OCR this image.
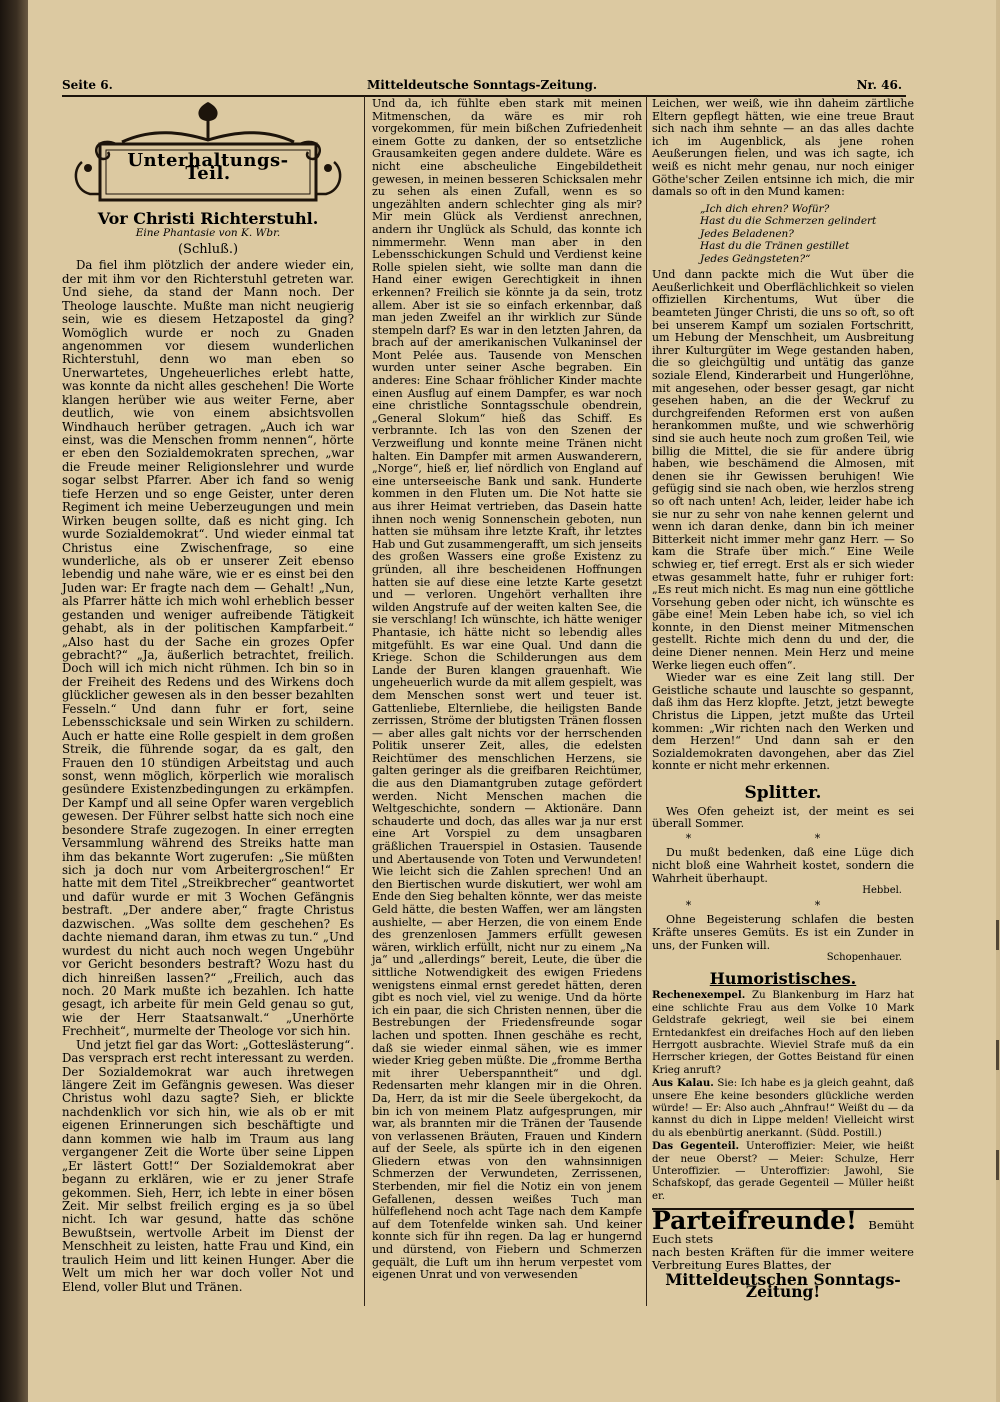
Seite 6.	Mitteldeutsche Sonntags-Zeitung.	Nr. 46.
Unterhaltungs-Teil.
Vor Christi Richterstuhl.
Eine Phantasie von K. Wbr.
(Schluß.)

Da fiel ihm plötzlich der andere wieder ein, der mit ihm vor den Richterstuhl getreten war. Und siehe, da stand der Mann noch. Der Theologe lauschte. Mußte man nicht neugierig sein, wie es diesem Hetzapostel da ging? Womöglich wurde er noch zu Gnaden angenommen vor diesem wunderlichen Richterstuhl, denn wo man eben so Unerwartetes, Ungeheuerliches erlebt hatte, was konnte da nicht alles geschehen! Die Worte klangen herüber wie aus weiter Ferne, aber deutlich, wie von einem absichtsvollen Windhauch herüber getragen. „Auch ich war einst, was die Menschen fromm nennen“, hörte er eben den Sozialdemokraten sprechen, „war die Freude meiner Religionslehrer und wurde sogar selbst Pfarrer. Aber ich fand so wenig tiefe Herzen und so enge Geister, unter deren Regiment ich meine Ueberzeugungen und mein Wirken beugen sollte, daß es nicht ging. Ich wurde Sozialdemokrat“. Und wieder einmal tat Christus eine Zwischenfrage, so eine wunderliche, als ob er unserer Zeit ebenso lebendig und nahe wäre, wie er es einst bei den Juden war: Er fragte nach dem — Gehalt! „Nun, als Pfarrer hätte ich mich wohl erheblich besser gestanden und weniger aufreibende Tätigkeit gehabt, als in der politischen Kampfarbeit.“ „Also hast du der Sache ein grozes Opfer gebracht?“ „Ja, äußerlich betrachtet, freilich. Doch will ich mich nicht rühmen. Ich bin so in der Freiheit des Redens und des Wirkens doch glücklicher gewesen als in den besser bezahlten Fesseln.“ Und dann fuhr er fort, seine Lebensschicksale und sein Wirken zu schildern. Auch er hatte eine Rolle gespielt in dem großen Streik, die führende sogar, da es galt, den Frauen den 10 stündigen Arbeitstag und auch sonst, wenn möglich, körperlich wie moralisch gesündere Existenzbedingungen zu erkämpfen. Der Kampf und all seine Opfer waren vergeblich gewesen. Der Führer selbst hatte sich noch eine besondere Strafe zugezogen. In einer erregten Versammlung während des Streiks hatte man ihm das bekannte Wort zugerufen: „Sie müßten sich ja doch nur vom Arbeitergroschen!“ Er hatte mit dem Titel „Streikbrecher“ geantwortet und dafür wurde er mit 3 Wochen Gefängnis bestraft. „Der andere aber,“ fragte Christus dazwischen. „Was sollte dem geschehen? Es dachte niemand daran, ihm etwas zu tun.“ „Und wurdest du nicht auch noch wegen Ungebühr vor Gericht besonders bestraft? Wozu hast du dich hinreißen lassen?“ „Freilich, auch das noch. 20 Mark mußte ich bezahlen. Ich hatte gesagt, ich arbeite für mein Geld genau so gut, wie der Herr Staatsanwalt.“ „Unerhörte Frechheit“, murmelte der Theologe vor sich hin.

Und jetzt fiel gar das Wort: „Gotteslästerung“. Das versprach erst recht interessant zu werden. Der Sozialdemokrat war auch ihretwegen längere Zeit im Gefängnis gewesen. Was dieser Christus wohl dazu sagte? Sieh, er blickte nachdenklich vor sich hin, wie als ob er mit eigenen Erinnerungen sich beschäftigte und dann kommen wie halb im Traum aus lang vergangener Zeit die Worte über seine Lippen „Er lästert Gott!“ Der Sozialdemokrat aber begann zu erklären, wie er zu jener Strafe gekommen. Sieh, Herr, ich lebte in einer bösen Zeit. Mir selbst freilich erging es ja so übel nicht. Ich war gesund, hatte das schöne Bewußtsein, wertvolle Arbeit im Dienst der Menschheit zu leisten, hatte Frau und Kind, ein traulich Heim und litt keinen Hunger. Aber die Welt um mich her war doch voller Not und Elend, voller Blut und Tränen.

Und da, ich fühlte eben stark mit meinen Mitmenschen, da wäre es mir roh vorgekommen, für mein bißchen Zufriedenheit einem Gotte zu danken, der so entsetzliche Grausamkeiten gegen andere duldete. Wäre es nicht eine abscheuliche Eingebildetheit gewesen, in meinen besseren Schicksalen mehr zu sehen als einen Zufall, wenn es so ungezählten andern schlechter ging als mir? Mir mein Glück als Verdienst anrechnen, andern ihr Unglück als Schuld, das konnte ich nimmermehr. Wenn man aber in den Lebensschickungen Schuld und Verdienst keine Rolle spielen sieht, wie sollte man dann die Hand einer ewigen Gerechtigkeit in ihnen erkennen? Freilich sie könnte ja da sein, trotz allem. Aber ist sie so einfach erkennbar, daß man jeden Zweifel an ihr wirklich zur Sünde stempeln darf? Es war in den letzten Jahren, da brach auf der amerikanischen Vulkaninsel der Mont Pelée aus. Tausende von Menschen wurden unter seiner Asche begraben. Ein anderes: Eine Schaar fröhlicher Kinder machte einen Ausflug auf einem Dampfer, es war noch eine christliche Sonntagsschule obendrein, „General Slokum“ hieß das Schiff. Es verbrannte. Ich las von den Szenen der Verzweiflung und konnte meine Tränen nicht halten. Ein Dampfer mit armen Auswanderern, „Norge“, hieß er, lief nördlich von England auf eine unterseeische Bank und sank. Hunderte kommen in den Fluten um. Die Not hatte sie aus ihrer Heimat vertrieben, das Dasein hatte ihnen noch wenig Sonnenschein geboten, nun hatten sie mühsam ihre letzte Kraft, ihr letztes Hab und Gut zusammengerafft, um sich jenseits des großen Wassers eine große Existenz zu gründen, all ihre bescheidenen Hoffnungen hatten sie auf diese eine letzte Karte gesetzt und — verloren. Ungehört verhallten ihre wilden Angstrufe auf der weiten kalten See, die sie verschlang! Ich wünschte, ich hätte weniger Phantasie, ich hätte nicht so lebendig alles mitgefühlt. Es war eine Qual. Und dann die Kriege. Schon die Schilderungen aus dem Lande der Buren klangen grauenhaft. Wie ungeheuerlich wurde da mit allem gespielt, was dem Menschen sonst wert und teuer ist. Gattenliebe, Elternliebe, die heiligsten Bande zerrissen, Ströme der blutigsten Tränen flossen — aber alles galt nichts vor der herrschenden Politik unserer Zeit, alles, die edelsten Reichtümer des menschlichen Herzens, sie galten geringer als die greifbaren Reichtümer, die aus den Diamantgruben zutage gefördert werden. Nicht Menschen machen die Weltgeschichte, sondern — Aktionäre. Dann schauderte und doch, das alles war ja nur erst eine Art Vorspiel zu dem unsagbaren gräßlichen Trauerspiel in Ostasien. Tausende und Abertausende von Toten und Verwundeten! Wie leicht sich die Zahlen sprechen! Und an den Biertischen wurde diskutiert, wer wohl am Ende den Sieg behalten könnte, wer das meiste Geld hätte, die besten Waffen, wer am längsten aushielte, — aber Herzen, die von einem Ende des grenzenlosen Jammers erfüllt gewesen wären, wirklich erfüllt, nicht nur zu einem „Na ja“ und „allerdings“ bereit, Leute, die über die sittliche Notwendigkeit des ewigen Friedens wenigstens einmal ernst geredet hätten, deren gibt es noch viel, viel zu wenige. Und da hörte ich ein paar, die sich Christen nennen, über die Bestrebungen der Friedensfreunde sogar lachen und spotten. Ihnen geschähe es recht, daß sie wieder einmal sähen, wie es immer wieder Krieg geben müßte. Die „fromme Bertha mit ihrer Ueberspanntheit“ und dgl. Redensarten mehr klangen mir in die Ohren. Da, Herr, da ist mir die Seele übergekocht, da bin ich von meinem Platz aufgesprungen, mir war, als brannten mir die Tränen der Tausende von verlassenen Bräuten, Frauen und Kindern auf der Seele, als spürte ich in den eigenen Gliedern etwas von den wahnsinnigen Schmerzen der Verwundeten, Zerrissenen, Sterbenden, mir fiel die Notiz ein von jenem Gefallenen, dessen weißes Tuch man hülfeflehend noch acht Tage nach dem Kampfe auf dem Totenfelde winken sah. Und keiner konnte sich für ihn regen. Da lag er hungernd und dürstend, von Fiebern und Schmerzen gequält, die Luft um ihn herum verpestet vom eigenen Unrat und von verwesenden

Leichen, wer weiß, wie ihn daheim zärtliche Eltern gepflegt hätten, wie eine treue Braut sich nach ihm sehnte — an das alles dachte ich im Augenblick, als jene rohen Aeußerungen fielen, und was ich sagte, ich weiß es nicht mehr genau, nur noch einiger Göthe'scher Zeilen entsinne ich mich, die mir damals so oft in den Mund kamen:

„Ich dich ehren? Wofür?
Hast du die Schmerzen gelindert
Jedes Beladenen?
Hast du die Tränen gestillet
Jedes Geängsteten?“

Und dann packte mich die Wut über die Aeußerlichkeit und Oberflächlichkeit so vielen offiziellen Kirchentums, Wut über die beamteten Jünger Christi, die uns so oft, so oft bei unserem Kampf um sozialen Fortschritt, um Hebung der Menschheit, um Ausbreitung ihrer Kulturgüter im Wege gestanden haben, die so gleichgültig und untätig das ganze soziale Elend, Kinderarbeit und Hungerlöhne, mit angesehen, oder besser gesagt, gar nicht gesehen haben, an die der Weckruf zu durchgreifenden Reformen erst von außen herankommen mußte, und wie schwerhörig sind sie auch heute noch zum großen Teil, wie billig die Mittel, die sie für andere übrig haben, wie beschämend die Almosen, mit denen sie ihr Gewissen beruhigen! Wie gefügig sind sie nach oben, wie herzlos streng so oft nach unten! Ach, leider, leider habe ich sie nur zu sehr von nahe kennen gelernt und wenn ich daran denke, dann bin ich meiner Bitterkeit nicht immer mehr ganz Herr. — So kam die Strafe über mich.“ Eine Weile schwieg er, tief erregt. Erst als er sich wieder etwas gesammelt hatte, fuhr er ruhiger fort: „Es reut mich nicht. Es mag nun eine göttliche Vorsehung geben oder nicht, ich wünschte es gäbe eine! Mein Leben habe ich, so viel ich konnte, in den Dienst meiner Mitmenschen gestellt. Richte mich denn du und der, die deine Diener nennen. Mein Herz und meine Werke liegen euch offen“.

Wieder war es eine Zeit lang still. Der Geistliche schaute und lauschte so gespannt, daß ihm das Herz klopfte. Jetzt, jetzt bewegte Christus die Lippen, jetzt mußte das Urteil kommen: „Wir richten nach den Werken und dem Herzen!“ Und dann sah er den Sozialdemokraten davongehen, aber das Ziel konnte er nicht mehr erkennen.

Splitter.

Wes Ofen geheizt ist, der meint es sei überall Sommer.

* *

Du mußt bedenken, daß eine Lüge dich nicht bloß eine Wahrheit kostet, sondern die Wahrheit überhaupt.

Hebbel.
* *

Ohne Begeisterung schlafen die besten Kräfte unseres Gemüts. Es ist ein Zunder in uns, der Funken will.

Schopenhauer.
Humoristisches.
Rechenexempel. Zu Blankenburg im Harz hat eine schlichte Frau aus dem Volke 10 Mark Geldstrafe gekriegt, weil sie bei einem Erntedankfest ein dreifaches Hoch auf den lieben Herrgott ausbrachte. Wieviel Strafe muß da ein Herrscher kriegen, der Gottes Beistand für einen Krieg anruft?
Aus Kalau. Sie: Ich habe es ja gleich geahnt, daß unsere Ehe keine besonders glückliche werden würde! — Er: Also auch „Ahnfrau!“ Weißt du — da kannst du dich in Lippe melden! Vielleicht wirst du als ebenbürtig anerkannt. (Südd. Postill.)
Das Gegenteil. Unteroffizier: Meier, wie heißt der neue Oberst? — Meier: Schulze, Herr Unteroffizier. — Unteroffizier: Jawohl, Sie Schafskopf, das gerade Gegenteil — Müller heißt er.
Parteifreunde! Bemüht Euch stets
nach besten Kräften für die immer weitere Verbreitung Eures Blattes, der
Mitteldeutschen Sonntags-Zeitung!
